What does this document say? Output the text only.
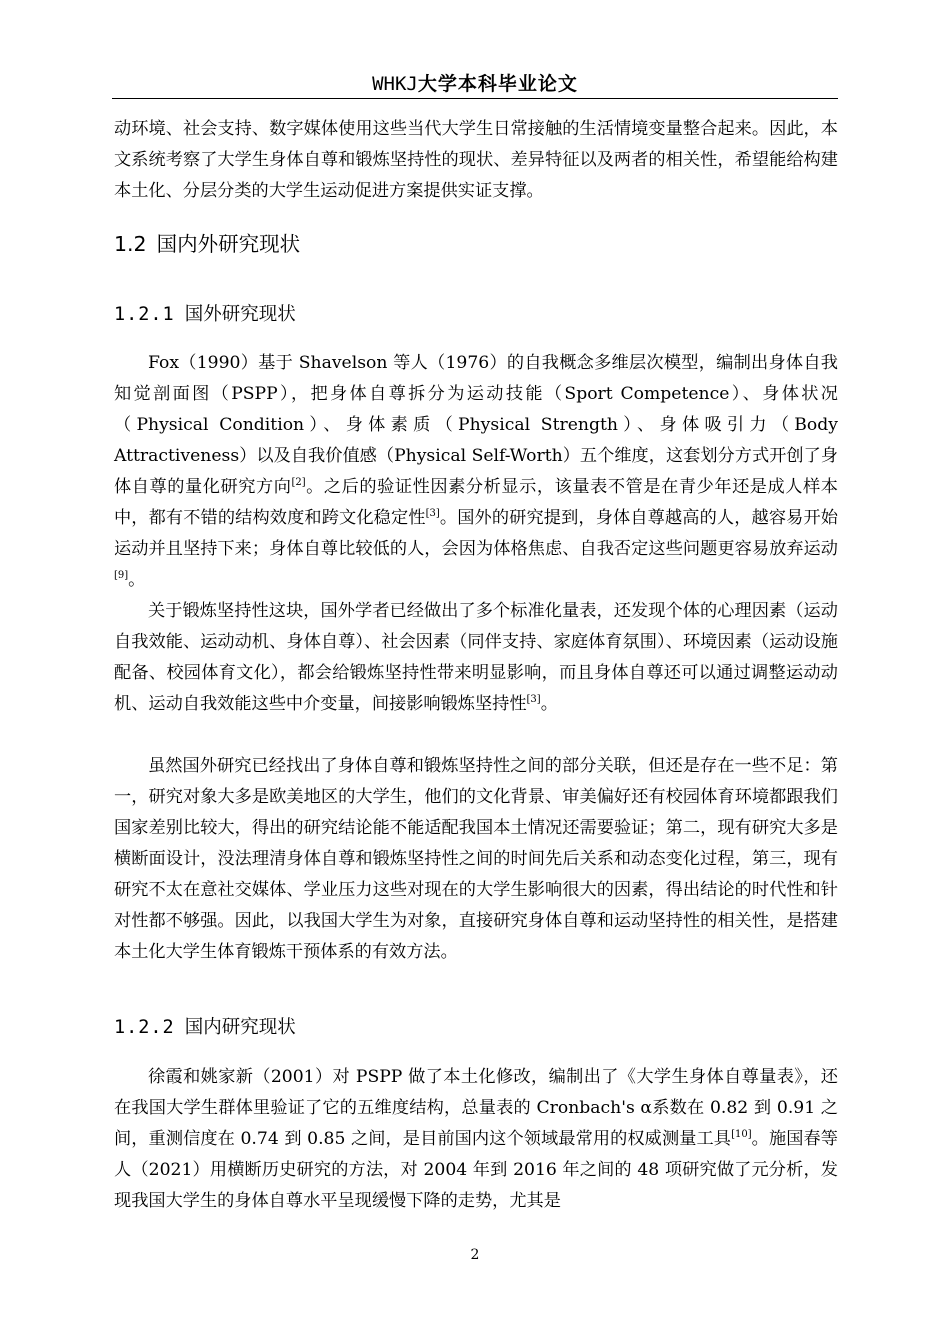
WHKJ大学本科毕业论文
动环境、社会支持、数字媒体使用这些当代大学生日常接触的生活情境变量整合起来。因此，本文系统考察了大学生身体自尊和锻炼坚持性的现状、差异特征以及两者的相关性，希望能给构建本土化、分层分类的大学生运动促进方案提供实证支撑。
1.2 国内外研究现状
1.2.1 国外研究现状
Fox（1990）基于 Shavelson 等人（1976）的自我概念多维层次模型，编制出身体自我知觉剖面图（PSPP），把身体自尊拆分为运动技能（Sport Competence）、身体状况（Physical Condition）、身体素质（Physical Strength）、身体吸引力（Body Attractiveness）以及自我价值感（Physical Self-Worth）五个维度，这套划分方式开创了身体自尊的量化研究方向[2]。之后的验证性因素分析显示，该量表不管是在青少年还是成人样本中，都有不错的结构效度和跨文化稳定性[3]。国外的研究提到，身体自尊越高的人，越容易开始运动并且坚持下来；身体自尊比较低的人，会因为体格焦虑、自我否定这些问题更容易放弃运动[9]。
关于锻炼坚持性这块，国外学者已经做出了多个标准化量表，还发现个体的心理因素（运动自我效能、运动动机、身体自尊）、社会因素（同伴支持、家庭体育氛围）、环境因素（运动设施配备、校园体育文化），都会给锻炼坚持性带来明显影响，而且身体自尊还可以通过调整运动动机、运动自我效能这些中介变量，间接影响锻炼坚持性[3]。
虽然国外研究已经找出了身体自尊和锻炼坚持性之间的部分关联，但还是存在一些不足：第一，研究对象大多是欧美地区的大学生，他们的文化背景、审美偏好还有校园体育环境都跟我们国家差别比较大，得出的研究结论能不能适配我国本土情况还需要验证；第二，现有研究大多是横断面设计，没法理清身体自尊和锻炼坚持性之间的时间先后关系和动态变化过程，第三，现有研究不太在意社交媒体、学业压力这些对现在的大学生影响很大的因素，得出结论的时代性和针对性都不够强。因此，以我国大学生为对象，直接研究身体自尊和运动坚持性的相关性，是搭建本土化大学生体育锻炼干预体系的有效方法。
1.2.2 国内研究现状
徐霞和姚家新（2001）对 PSPP 做了本土化修改，编制出了《大学生身体自尊量表》，还在我国大学生群体里验证了它的五维度结构，总量表的 Cronbach's α系数在 0.82 到 0.91 之间，重测信度在 0.74 到 0.85 之间，是目前国内这个领域最常用的权威测量工具[10]。施国春等人（2021）用横断历史研究的方法，对 2004 年到 2016 年之间的 48 项研究做了元分析，发现我国大学生的身体自尊水平呈现缓慢下降的走势，尤其是
2
